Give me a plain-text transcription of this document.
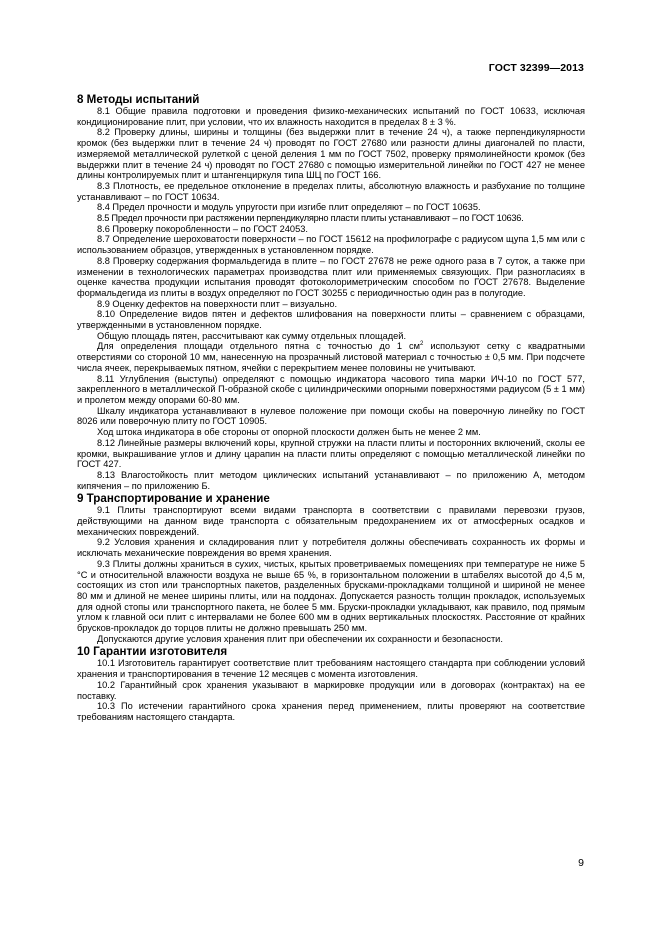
ГОСТ 32399—2013
8 Методы испытаний

8.1 Общие правила подготовки и проведения физико-механических испытаний по ГОСТ 10633, исключая кондиционирование плит, при условии, что их влажность находится в пределах 8 ± 3 %.

8.2 Проверку длины, ширины и толщины (без выдержки плит в течение 24 ч), а также перпендикулярности кромок (без выдержки плит в течение 24 ч) проводят по ГОСТ 27680 или разности длины диагоналей по пласти, измеряемой металлической рулеткой с ценой деления 1 мм по ГОСТ 7502, проверку прямолинейности кромок (без выдержки плит в течение 24 ч) проводят по ГОСТ 27680 с помощью измерительной линейки по ГОСТ 427 не менее длины контролируемых плит и штангенциркуля типа ШЦ по ГОСТ 166.

8.3 Плотность, ее предельное отклонение в пределах плиты, абсолютную влажность и разбухание по толщине устанавливают – по ГОСТ 10634.

8.4 Предел прочности и модуль упругости при изгибе плит определяют – по ГОСТ 10635.

8.5 Предел прочности при растяжении перпендикулярно пласти плиты устанавливают – по ГОСТ 10636.

8.6 Проверку покоробленности – по ГОСТ 24053.

8.7 Определение шероховатости поверхности – по ГОСТ 15612 на профилографе с радиусом щупа 1,5 мм или с использованием образцов, утвержденных в установленном порядке.

8.8 Проверку содержания формальдегида в плите – по ГОСТ 27678 не реже одного раза в 7 суток, а также при изменении в технологических параметрах производства плит или применяемых связующих. При разногласиях в оценке качества продукции испытания проводят фотоколориметрическим способом по ГОСТ 27678. Выделение формальдегида из плиты в воздух определяют по ГОСТ 30255 с периодичностью один раз в полугодие.

8.9 Оценку дефектов на поверхности плит – визуально.

8.10 Определение видов пятен и дефектов шлифования на поверхности плиты – сравнением с образцами, утвержденными в установленном порядке.

Общую площадь пятен, рассчитывают как сумму отдельных площадей.

Для определения площади отдельного пятна с точностью до 1 $см^2$ используют сетку с квадратными отверстиями со стороной 10 мм, нанесенную на прозрачный листовой материал с точностью ± 0,5 мм. При подсчете числа ячеек, перекрываемых пятном, ячейки с перекрытием менее половины не учитывают.

8.11 Углубления (выступы) определяют с помощью индикатора часового типа марки ИЧ-10 по ГОСТ 577, закрепленного в металлической П-образной скобе с цилиндрическими опорными поверхностями радиусом (5 ± 1 мм) и пролетом между опорами 60-80 мм.

Шкалу индикатора устанавливают в нулевое положение при помощи скобы на поверочную линейку по ГОСТ 8026 или поверочную плиту по ГОСТ 10905.

Ход штока индикатора в обе стороны от опорной плоскости должен быть не менее 2 мм.

8.12 Линейные размеры включений коры, крупной стружки на пласти плиты и посторонних включений, сколы ее кромки, выкрашивание углов и длину царапин на пласти плиты определяют с помощью металлической линейки по ГОСТ 427.

8.13 Влагостойкость плит методом циклических испытаний устанавливают – по приложению А, методом кипячения – по приложению Б.

9 Транспортирование и хранение

9.1 Плиты транспортируют всеми видами транспорта в соответствии с правилами перевозки грузов, действующими на данном виде транспорта с обязательным предохранением их от атмосферных осадков и механических повреждений.

9.2 Условия хранения и складирования плит у потребителя должны обеспечивать сохранность их формы и исключать механические повреждения во время хранения.

9.3 Плиты должны храниться в сухих, чистых, крытых проветриваемых помещениях при температуре не ниже 5 °C и относительной влажности воздуха не выше 65 %, в горизонтальном положении в штабелях высотой до 4,5 м, состоящих из стоп или транспортных пакетов, разделенных брусками-прокладками толщиной и шириной не менее 80 мм и длиной не менее ширины плиты, или на поддонах. Допускается разность толщин прокладок, используемых для одной стопы или транспортного пакета, не более 5 мм. Бруски-прокладки укладывают, как правило, под прямым углом к главной оси плит с интервалами не более 600 мм в одних вертикальных плоскостях. Расстояние от крайних брусков-прокладок до торцов плиты не должно превышать 250 мм.

Допускаются другие условия хранения плит при обеспечении их сохранности и безопасности.

10 Гарантии изготовителя

10.1 Изготовитель гарантирует соответствие плит требованиям настоящего стандарта при соблюдении условий хранения и транспортирования в течение 12 месяцев с момента изготовления.

10.2 Гарантийный срок хранения указывают в маркировке продукции или в договорах (контрактах) на ее поставку.

10.3 По истечении гарантийного срока хранения перед применением, плиты проверяют на соответствие требованиям настоящего стандарта.

9
